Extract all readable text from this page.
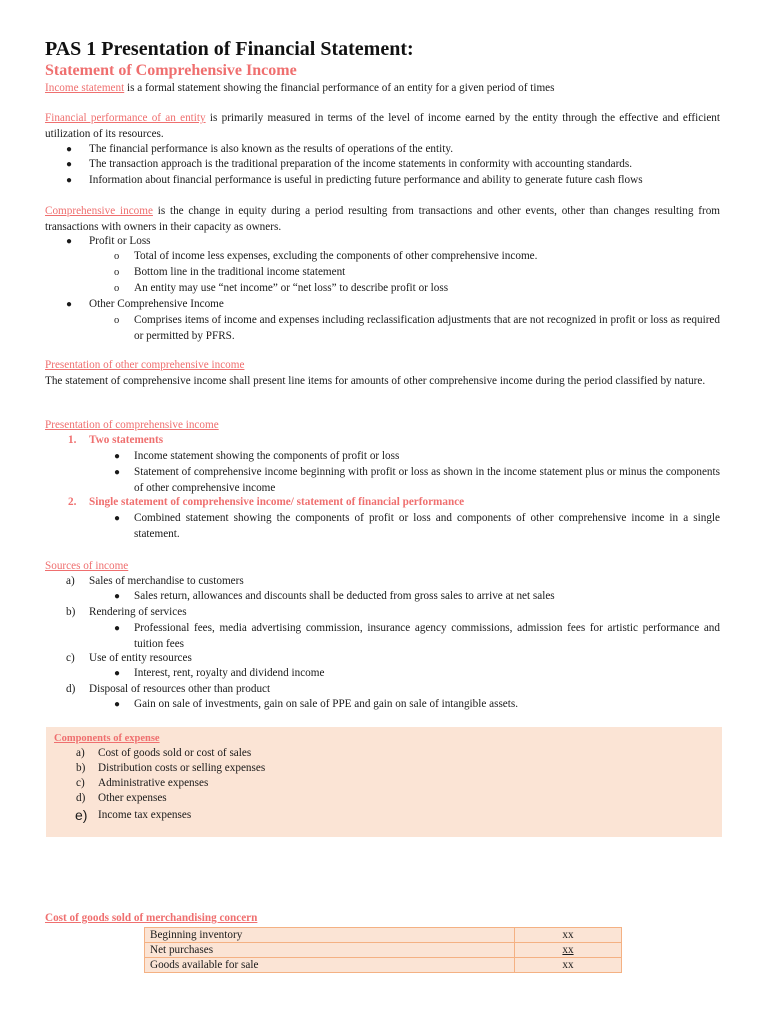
PAS 1 Presentation of Financial Statement:
Statement of Comprehensive Income
Income statement is a formal statement showing the financial performance of an entity for a given period of times
Financial performance of an entity is primarily measured in terms of the level of income earned by the entity through the effective and efficient utilization of its resources.
● The financial performance is also known as the results of operations of the entity.
● The transaction approach is the traditional preparation of the income statements in conformity with accounting standards.
● Information about financial performance is useful in predicting future performance and ability to generate future cash flows
Comprehensive income is the change in equity during a period resulting from transactions and other events, other than changes resulting from transactions with owners in their capacity as owners.
● Profit or Loss
o Total of income less expenses, excluding the components of other comprehensive income.
o Bottom line in the traditional income statement
o An entity may use “net income” or “net loss” to describe profit or loss
● Other Comprehensive Income
o Comprises items of income and expenses including reclassification adjustments that are not recognized in profit or loss as required or permitted by PFRS.
Presentation of other comprehensive income
The statement of comprehensive income shall present line items for amounts of other comprehensive income during the period classified by nature.
Presentation of comprehensive income
1. Two statements
● Income statement showing the components of profit or loss
● Statement of comprehensive income beginning with profit or loss as shown in the income statement plus or minus the components of other comprehensive income
2. Single statement of comprehensive income/ statement of financial performance
● Combined statement showing the components of profit or loss and components of other comprehensive income in a single statement.
Sources of income
a) Sales of merchandise to customers
● Sales return, allowances and discounts shall be deducted from gross sales to arrive at net sales
b) Rendering of services
● Professional fees, media advertising commission, insurance agency commissions, admission fees for artistic performance and tuition fees
c) Use of entity resources
● Interest, rent, royalty and dividend income
d) Disposal of resources other than product
● Gain on sale of investments, gain on sale of PPE and gain on sale of intangible assets.
Components of expense
a) Cost of goods sold or cost of sales
b) Distribution costs or selling expenses
c) Administrative expenses
d) Other expenses
e) Income tax expenses
Cost of goods sold of merchandising concern
Beginning inventory	xx
Net purchases	xx
Goods available for sale	xx
